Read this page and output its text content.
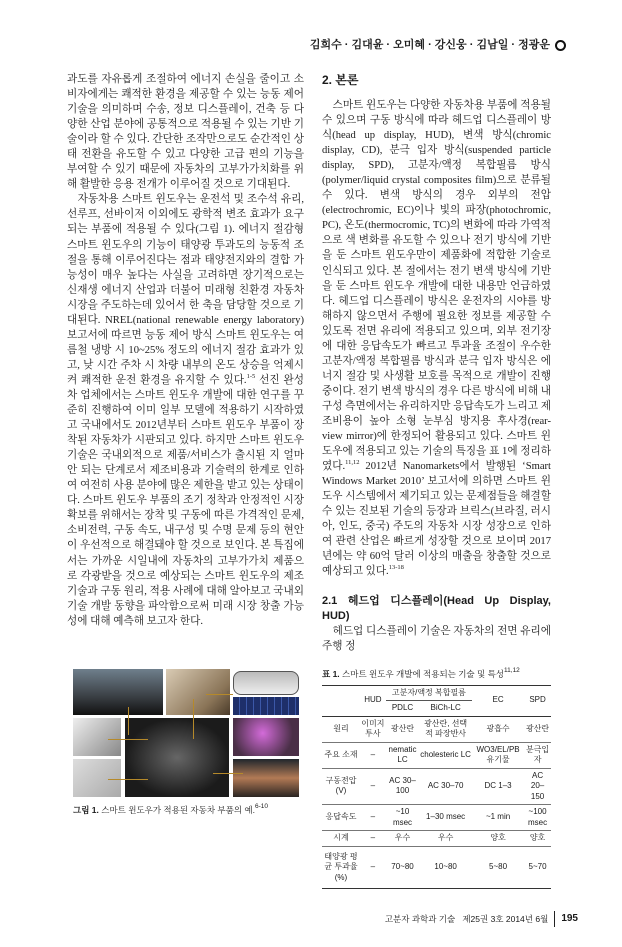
김희수 · 김대윤 · 오미혜 · 강신웅 · 김남일 · 정광운

과도를 자유롭게 조절하여 에너지 손실을 줄이고 소비자에게는 쾌적한 환경을 제공할 수 있는 능동 제어 기술을 의미하며 수송, 정보 디스플레이, 건축 등 다양한 산업 분야에 공통적으로 적용될 수 있는 기반 기술이라 할 수 있다. 간단한 조작만으로도 순간적인 상태 전환을 유도할 수 있고 다양한 고급 편의 기능을 부여할 수 있기 때문에 자동차의 고부가가치화를 위해 활발한 응용 전개가 이루어질 것으로 기대된다.

자동차용 스마트 윈도우는 운전석 및 조수석 유리, 선루프, 선바이저 이외에도 광학적 변조 효과가 요구되는 부품에 적용될 수 있다(그림 1). 에너지 절감형 스마트 윈도우의 기능이 태양광 투과도의 능동적 조절을 통해 이루어진다는 점과 태양전지와의 결합 가능성이 매우 높다는 사실을 고려하면 장기적으로는 신재생 에너지 산업과 더불어 미래형 친환경 자동차 시장을 주도하는데 있어서 한 축을 담당할 것으로 기대된다. NREL(national renewable energy laboratory) 보고서에 따르면 능동 제어 방식 스마트 윈도우는 여름철 냉방 시 10~25% 정도의 에너지 절감 효과가 있고, 낮 시간 주차 시 차량 내부의 온도 상승을 억제시켜 쾌적한 운전 환경을 유지할 수 있다.$^{1-5}$ 선진 완성차 업체에서는 스마트 윈도우 개발에 대한 연구를 꾸준히 진행하여 이미 일부 모델에 적용하기 시작하였고 국내에서도 2012년부터 스마트 윈도우 부품이 장착된 자동차가 시판되고 있다. 하지만 스마트 윈도우 기술은 국내외적으로 제품/서비스가 출시된 지 얼마 안 되는 단계로서 제조비용과 기술력의 한계로 인하여 여전히 사용 분야에 많은 제한을 받고 있는 상태이다. 스마트 윈도우 부품의 조기 정착과 안정적인 시장 확보를 위해서는 장착 및 구동에 따른 가격적인 문제, 소비전력, 구동 속도, 내구성 및 수명 문제 등의 현안이 우선적으로 해결돼야 할 것으로 보인다. 본 특집에서는 가까운 시일내에 자동차의 고부가가치 제품으로 각광받을 것으로 예상되는 스마트 윈도우의 제조 기술과 구동 원리, 적용 사례에 대해 알아보고 국내외 기술 개발 동향을 파악함으로써 미래 시장 창출 가능성에 대해 예측해 보고자 한다.

그림 1. 스마트 윈도우가 적용된 자동차 부품의 예.$^{6-10}$
2. 본론

스마트 윈도우는 다양한 자동차용 부품에 적용될 수 있으며 구동 방식에 따라 헤드업 디스플레이 방식(head up display, HUD), 변색 방식(chromic display, CD), 분극 입자 방식(suspended particle display, SPD), 고분자/액정 복합필름 방식(polymer/liquid crystal composites film)으로 분류될 수 있다. 변색 방식의 경우 외부의 전압(electrochromic, EC)이나 빛의 파장(photochromic, PC), 온도(thermocromic, TC)의 변화에 따라 가역적으로 색 변화를 유도할 수 있으나 전기 방식에 기반을 둔 스마트 윈도우만이 제품화에 적합한 기술로 인식되고 있다. 본 절에서는 전기 변색 방식에 기반을 둔 스마트 윈도우 개발에 대한 내용만 언급하였다. 헤드업 디스플레이 방식은 운전자의 시야를 방해하지 않으면서 주행에 필요한 정보를 제공할 수 있도록 전면 유리에 적용되고 있으며, 외부 전기장에 대한 응답속도가 빠르고 투과율 조절이 우수한 고분자/액정 복합필름 방식과 분극 입자 방식은 에너지 절감 및 사생활 보호를 목적으로 개발이 진행 중이다. 전기 변색 방식의 경우 다른 방식에 비해 내구성 측면에서는 유리하지만 응답속도가 느리고 제조비용이 높아 소형 눈부심 방지용 후사경(rear-view mirror)에 한정되어 활용되고 있다. 스마트 윈도우에 적용되고 있는 기술의 특징을 표 1에 정리하였다.$^{11,12}$ 2012년 Nanomarkets에서 발행된 ‘Smart Windows Market 2010’ 보고서에 의하면 스마트 윈도우 시스템에서 제기되고 있는 문제점들을 해결할 수 있는 진보된 기술의 등장과 브릭스(브라질, 러시아, 인도, 중국) 주도의 자동차 시장 성장으로 인하여 관련 산업은 빠르게 성장할 것으로 보이며 2017년에는 약 60억 달러 이상의 매출을 창출할 것으로 예상되고 있다.$^{13-18}$

2.1 헤드업 디스플레이(Head Up Display, HUD)

헤드업 디스플레이 기술은 자동차의 전면 유리에 주행 정

표 1. 스마트 윈도우 개발에 적용되는 기술 및 특성$^{11,12}$
	HUD	고분자/액정 복합필름		EC	SPD
		PDLC	BiCh-LC		
원리	이미지 투사	광산란	광산란, 선택적 파장반사	광흡수	광산란
주요 소재	–	nematic LC	cholesteric LC	WO3/EL/PB 유기물	분극입자
구동전압 (V)	–	AC 30–100	AC 30–70	DC 1–3	AC 20–150
응답속도	–	~10 msec	1–30 msec	~1 min	~100 msec
시계	–	우수	우수	양호	양호
태양광 평균 투과율 (%)	–	70~80	10~80	5~80	5~70
고분자 과학과 기술   제25권 3호 2014년 6월 195
